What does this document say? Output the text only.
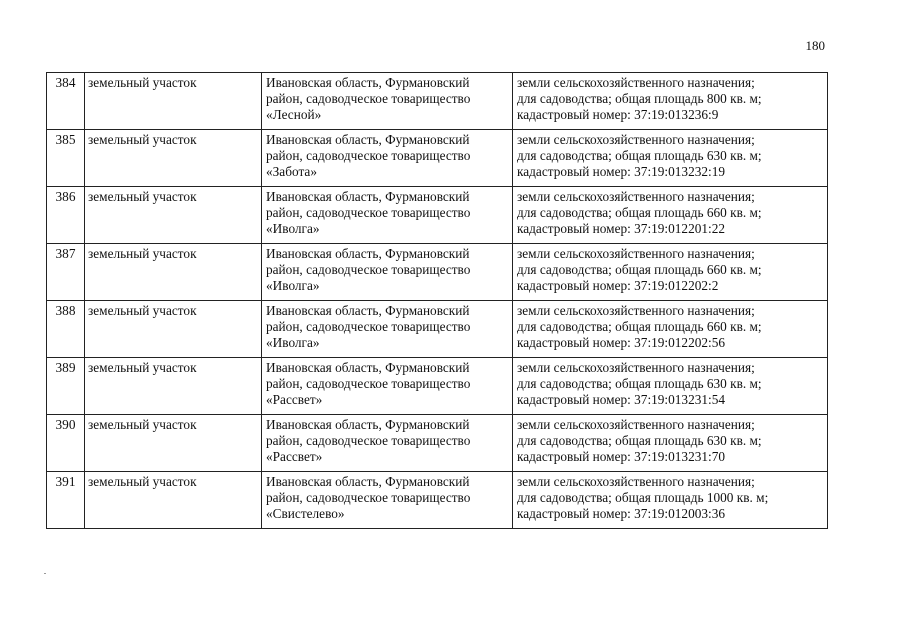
180
384	земельный участок	Ивановская область, Фурмановский
район, садоводческое товарищество
«Лесной»	земли сельскохозяйственного назначения;
для садоводства; общая площадь 800 кв. м;
кадастровый номер: 37:19:013236:9

385	земельный участок	Ивановская область, Фурмановский
район, садоводческое товарищество
«Забота»	земли сельскохозяйственного назначения;
для садоводства; общая площадь 630 кв. м;
кадастровый номер: 37:19:013232:19

386	земельный участок	Ивановская область, Фурмановский
район, садоводческое товарищество
«Иволга»	земли сельскохозяйственного назначения;
для садоводства; общая площадь 660 кв. м;
кадастровый номер: 37:19:012201:22

387	земельный участок	Ивановская область, Фурмановский
район, садоводческое товарищество
«Иволга»	земли сельскохозяйственного назначения;
для садоводства; общая площадь 660 кв. м;
кадастровый номер: 37:19:012202:2

388	земельный участок	Ивановская область, Фурмановский
район, садоводческое товарищество
«Иволга»	земли сельскохозяйственного назначения;
для садоводства; общая площадь 660 кв. м;
кадастровый номер: 37:19:012202:56

389	земельный участок	Ивановская область, Фурмановский
район, садоводческое товарищество
«Рассвет»	земли сельскохозяйственного назначения;
для садоводства; общая площадь 630 кв. м;
кадастровый номер: 37:19:013231:54

390	земельный участок	Ивановская область, Фурмановский
район, садоводческое товарищество
«Рассвет»	земли сельскохозяйственного назначения;
для садоводства; общая площадь 630 кв. м;
кадастровый номер: 37:19:013231:70

391	земельный участок	Ивановская область, Фурмановский
район, садоводческое товарищество
«Свистелево»	земли сельскохозяйственного назначения;
для садоводства; общая площадь 1000 кв. м;
кадастровый номер: 37:19:012003:36
